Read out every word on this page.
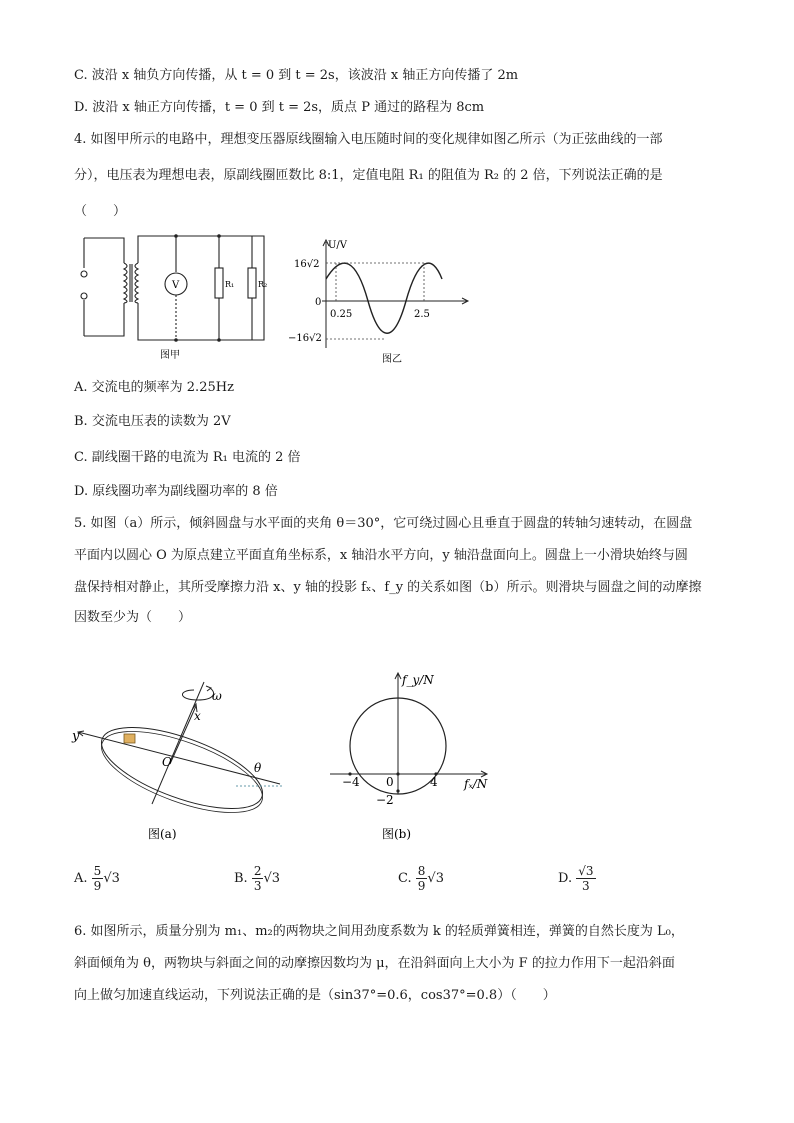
C. 波沿 x 轴负方向传播，从 t = 0 到 t = 2s，该波沿 x 轴正方向传播了 2m
D. 波沿 x 轴正方向传播，t = 0 到 t = 2s，质点 P 通过的路程为 8cm
4. 如图甲所示的电路中，理想变压器原线圈输入电压随时间的变化规律如图乙所示（为正弦曲线的一部
分），电压表为理想电表，原副线圈匝数比 8:1，定值电阻 R₁ 的阻值为 R₂ 的 2 倍，下列说法正确的是
（　　）
V	R₁	R₂
图甲
U/V
16√2
−16√2
0
0.25	2.5
图乙
A. 交流电的频率为 2.25Hz
B. 交流电压表的读数为 2V
C. 副线圈干路的电流为 R₁ 电流的 2 倍
D. 原线圈功率为副线圈功率的 8 倍
5. 如图（a）所示，倾斜圆盘与水平面的夹角 θ＝30°，它可绕过圆心且垂直于圆盘的转轴匀速转动，在圆盘
平面内以圆心 O 为原点建立平面直角坐标系，x 轴沿水平方向，y 轴沿盘面向上。圆盘上一小滑块始终与圆
盘保持相对静止，其所受摩擦力沿 x、y 轴的投影 fₓ、f_y 的关系如图（b）所示。则滑块与圆盘之间的动摩擦
因数至少为（　　）
y
x
ω
O	θ
图(a)
f_y/N
fₓ/N
−4 0	4
−2
图(b)
A. $\frac{5}{9} √3$	B. $\frac{2}{3} √3$	C. $\frac{8}{9} √3$	D. $\frac{√3}{3}$
6. 如图所示，质量分别为 m₁、m₂的两物块之间用劲度系数为 k 的轻质弹簧相连，弹簧的自然长度为 L₀，
斜面倾角为 θ，两物块与斜面之间的动摩擦因数均为 μ，在沿斜面向上大小为 F 的拉力作用下一起沿斜面
向上做匀加速直线运动，下列说法正确的是（sin37°=0.6，cos37°=0.8）（　　）
